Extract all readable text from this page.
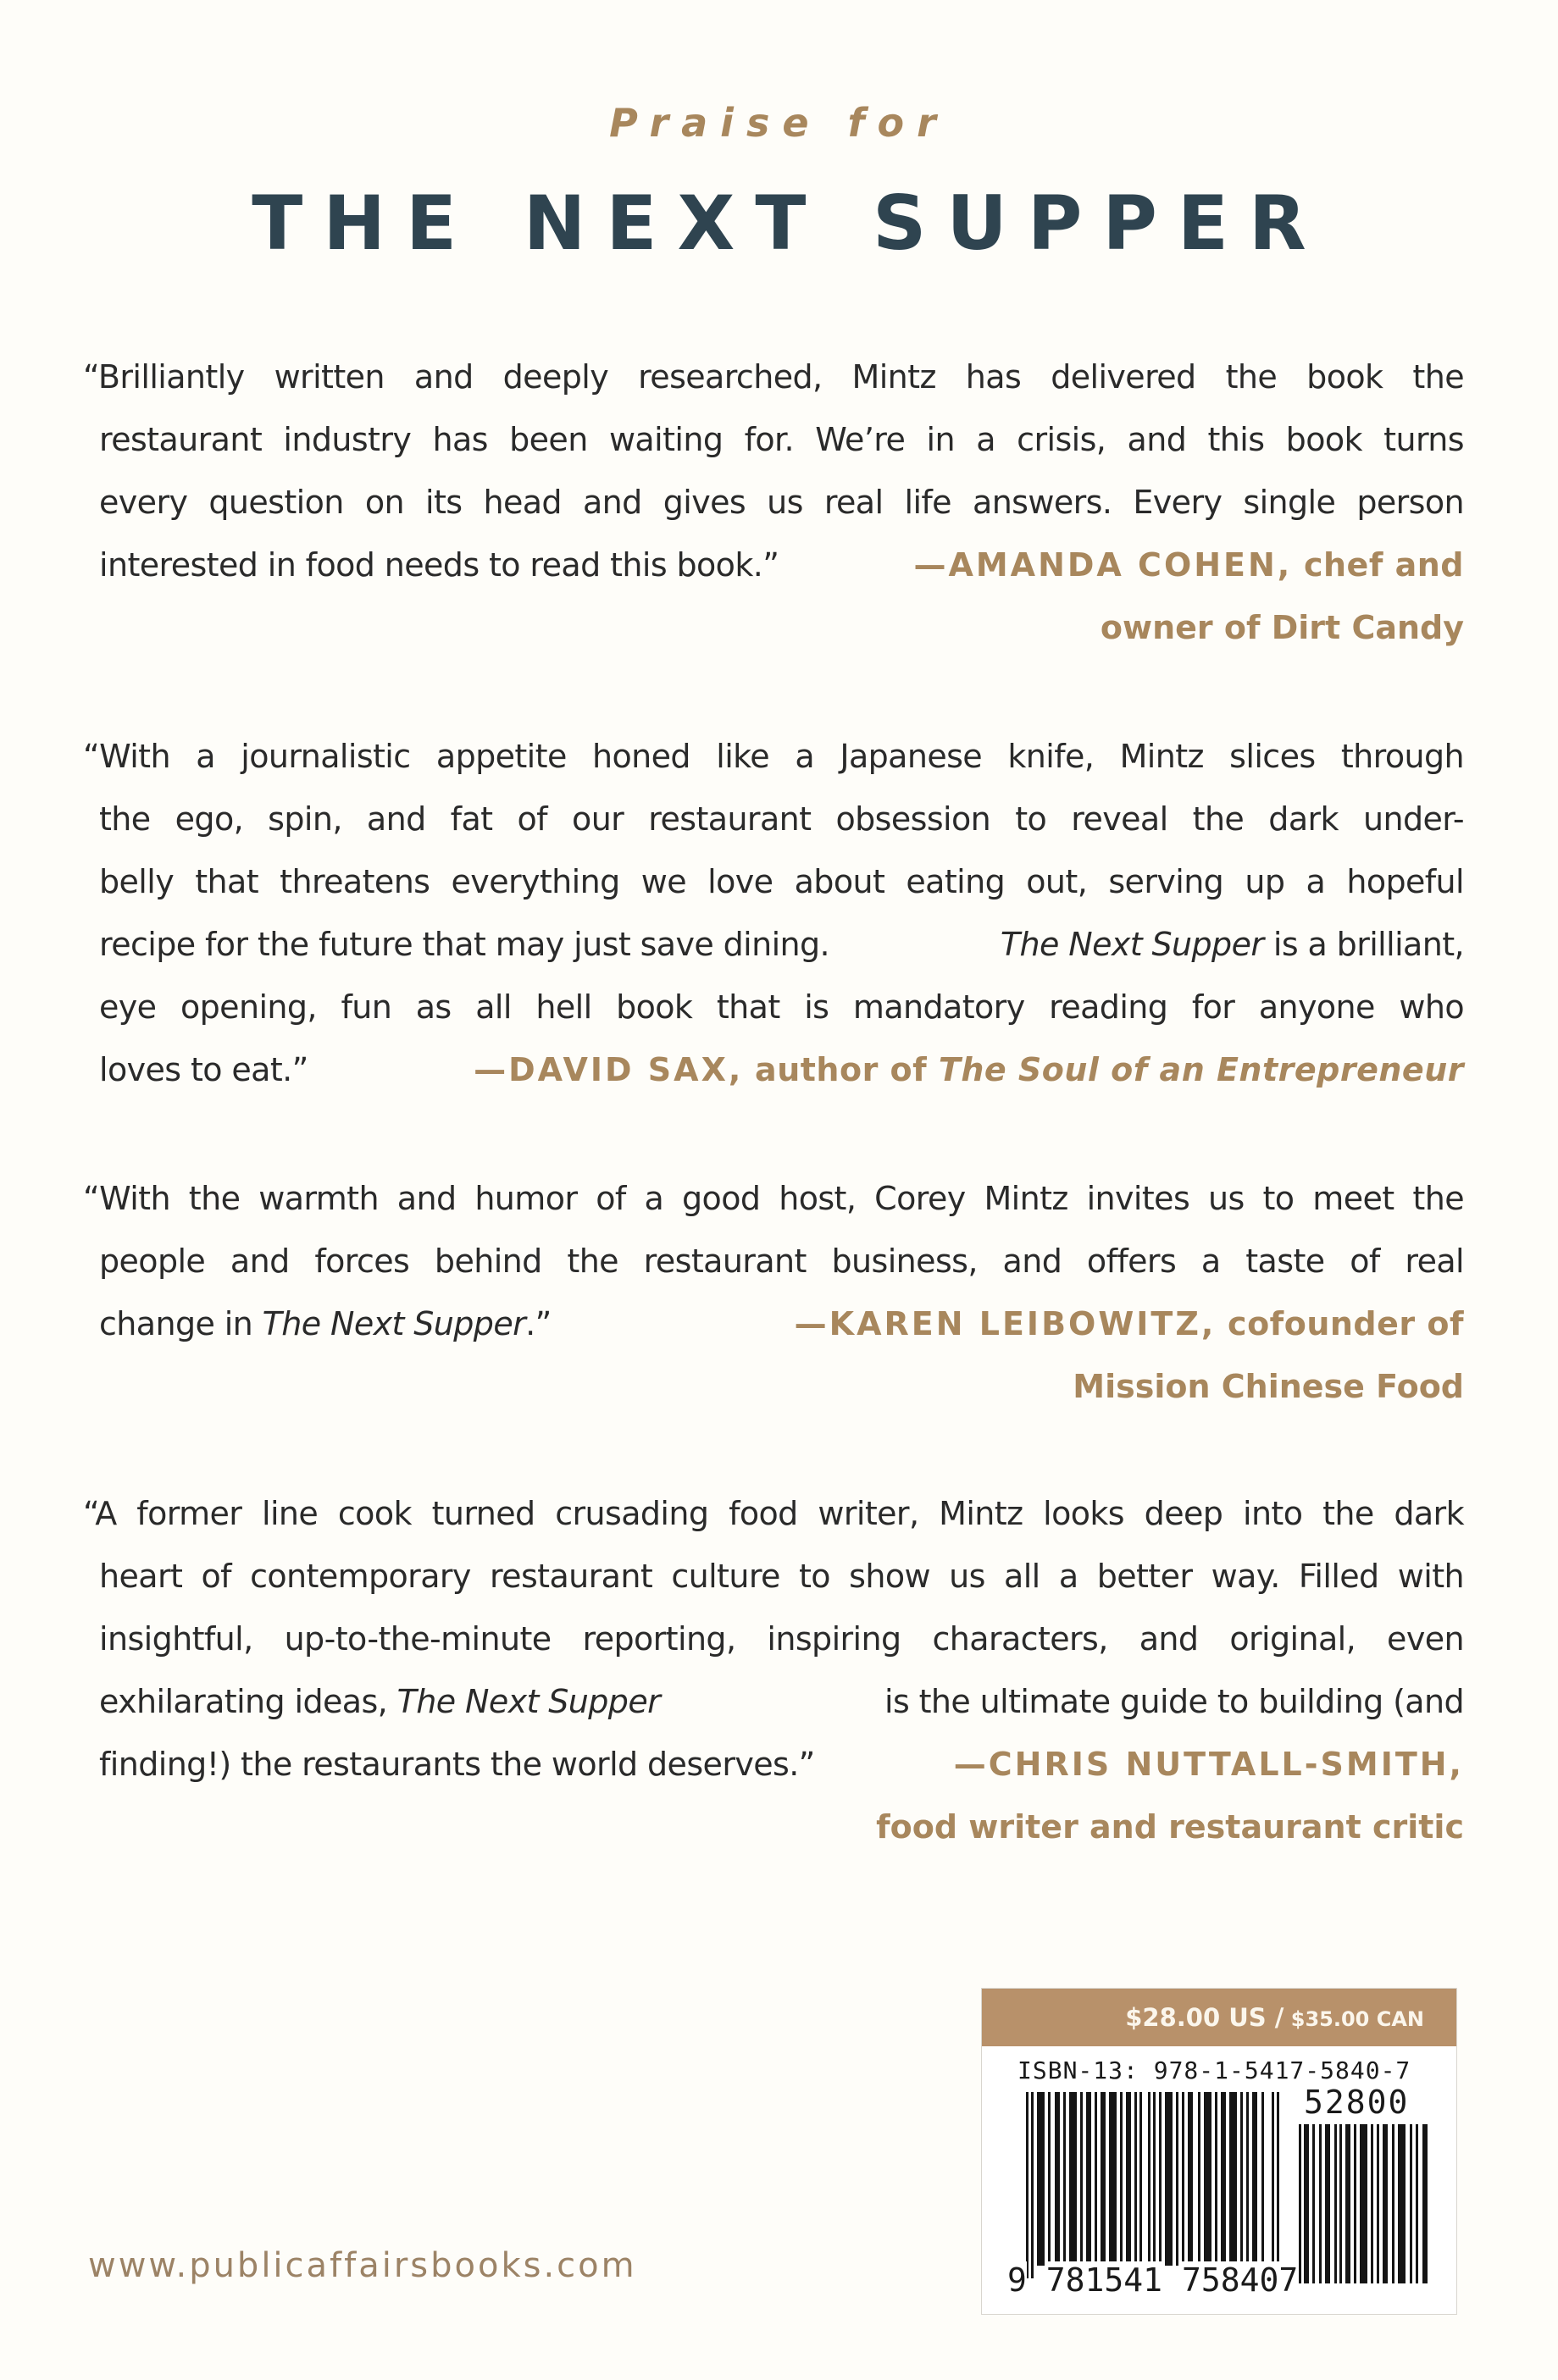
Praise for
THE NEXT SUPPER
“Brilliantly written and deeply researched, Mintz has delivered the book the
restaurant industry has been waiting for. We’re in a crisis, and this book turns
every question on its head and gives us real life answers. Every single person
interested in food needs to read this book.”	—AMANDA COHEN, chef and
owner of Dirt Candy
“With a journalistic appetite honed like a Japanese knife, Mintz slices through
the ego, spin, and fat of our restaurant obsession to reveal the dark under-
belly that threatens everything we love about eating out, serving up a hopeful
recipe for the future that may just save dining.	The Next Supper is a brilliant,
eye opening, fun as all hell book that is mandatory reading for anyone who
loves to eat.”	—DAVID SAX, author of The Soul of an Entrepreneur
“With the warmth and humor of a good host, Corey Mintz invites us to meet the
people and forces behind the restaurant business, and offers a taste of real
change in The Next Supper.”	—KAREN LEIBOWITZ, cofounder of
Mission Chinese Food
“A former line cook turned crusading food writer, Mintz looks deep into the dark
heart of contemporary restaurant culture to show us all a better way. Filled with
insightful, up-to-the-minute reporting, inspiring characters, and original, even
exhilarating ideas, The Next Supper	is the ultimate guide to building (and
finding!) the restaurants the world deserves.”	—CHRIS NUTTALL-SMITH,
food writer and restaurant critic
www.publicaffairsbooks.com
$28.00 US / $35.00 CAN
ISBN-13: 978-1-5417-5840-7
52800
9 781541 758407
